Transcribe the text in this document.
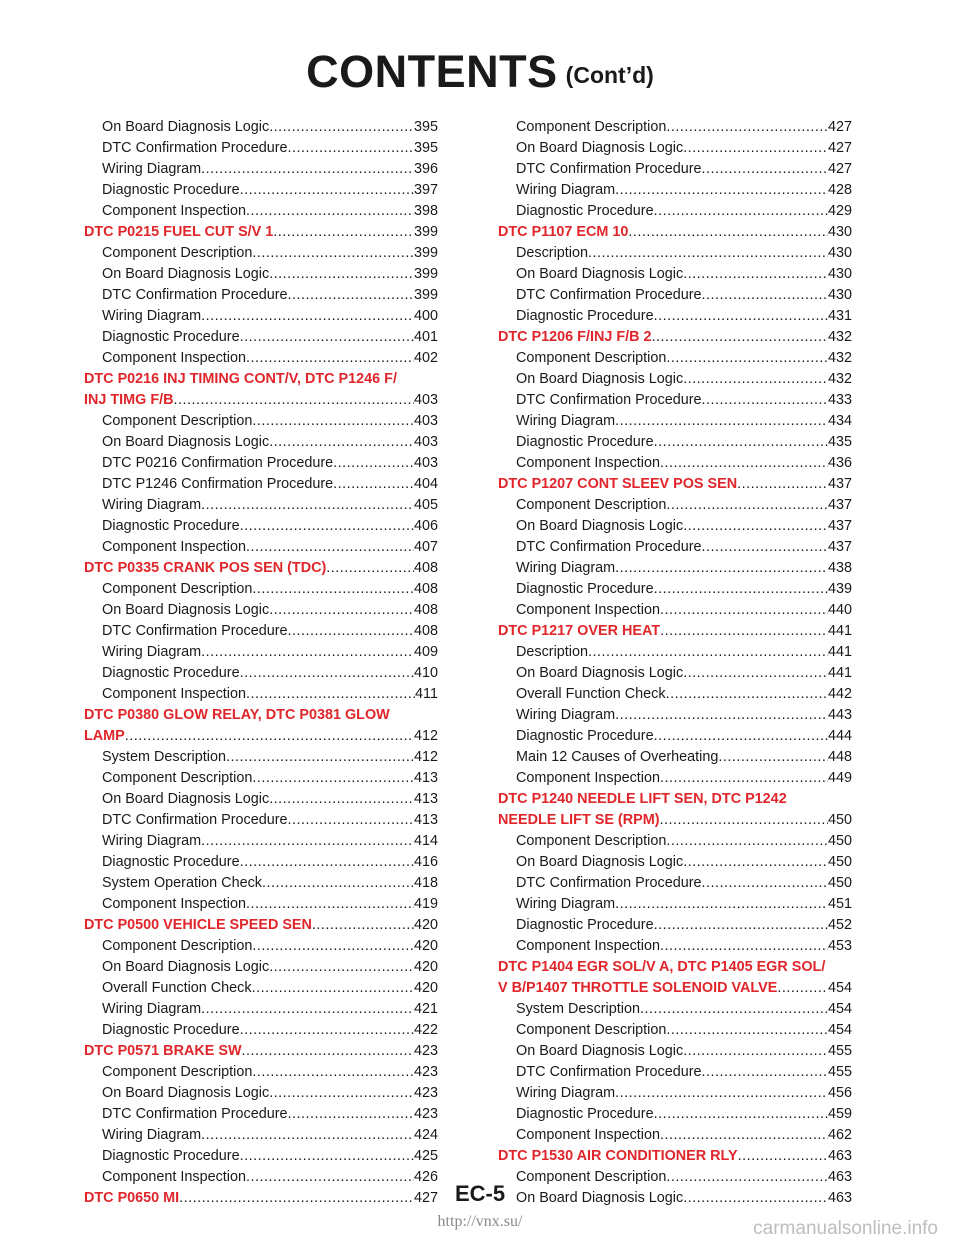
CONTENTS (Cont’d)
On Board Diagnosis Logic .....	395
DTC Confirmation Procedure .....	395
Wiring Diagram .....	396
Diagnostic Procedure .....	397
Component Inspection .....	398
DTC P0215 FUEL CUT S/V 1 .....	399
Component Description .....	399
On Board Diagnosis Logic .....	399
DTC Confirmation Procedure .....	399
Wiring Diagram .....	400
Diagnostic Procedure .....	401
Component Inspection .....	402
DTC P0216 INJ TIMING CONT/V, DTC P1246 F/
INJ TIMG F/B .....	403
Component Description .....	403
On Board Diagnosis Logic .....	403
DTC P0216 Confirmation Procedure .....	403
DTC P1246 Confirmation Procedure .....	404
Wiring Diagram .....	405
Diagnostic Procedure .....	406
Component Inspection .....	407
DTC P0335 CRANK POS SEN (TDC) .....	408
Component Description .....	408
On Board Diagnosis Logic .....	408
DTC Confirmation Procedure .....	408
Wiring Diagram .....	409
Diagnostic Procedure .....	410
Component Inspection .....	411
DTC P0380 GLOW RELAY, DTC P0381 GLOW
LAMP .....	412
System Description .....	412
Component Description .....	413
On Board Diagnosis Logic .....	413
DTC Confirmation Procedure .....	413
Wiring Diagram .....	414
Diagnostic Procedure .....	416
System Operation Check .....	418
Component Inspection .....	419
DTC P0500 VEHICLE SPEED SEN .....	420
Component Description .....	420
On Board Diagnosis Logic .....	420
Overall Function Check .....	420
Wiring Diagram .....	421
Diagnostic Procedure .....	422
DTC P0571 BRAKE SW .....	423
Component Description .....	423
On Board Diagnosis Logic .....	423
DTC Confirmation Procedure .....	423
Wiring Diagram .....	424
Diagnostic Procedure .....	425
Component Inspection .....	426
DTC P0650 MI .....	427
Component Description .....	427
On Board Diagnosis Logic .....	427
DTC Confirmation Procedure .....	427
Wiring Diagram .....	428
Diagnostic Procedure .....	429
DTC P1107 ECM 10 .....	430
Description .....	430
On Board Diagnosis Logic .....	430
DTC Confirmation Procedure .....	430
Diagnostic Procedure .....	431
DTC P1206 F/INJ F/B 2 .....	432
Component Description .....	432
On Board Diagnosis Logic .....	432
DTC Confirmation Procedure .....	433
Wiring Diagram .....	434
Diagnostic Procedure .....	435
Component Inspection .....	436
DTC P1207 CONT SLEEV POS SEN .....	437
Component Description .....	437
On Board Diagnosis Logic .....	437
DTC Confirmation Procedure .....	437
Wiring Diagram .....	438
Diagnostic Procedure .....	439
Component Inspection .....	440
DTC P1217 OVER HEAT .....	441
Description .....	441
On Board Diagnosis Logic .....	441
Overall Function Check .....	442
Wiring Diagram .....	443
Diagnostic Procedure .....	444
Main 12 Causes of Overheating .....	448
Component Inspection .....	449
DTC P1240 NEEDLE LIFT SEN, DTC P1242
NEEDLE LIFT SE (RPM) .....	450
Component Description .....	450
On Board Diagnosis Logic .....	450
DTC Confirmation Procedure .....	450
Wiring Diagram .....	451
Diagnostic Procedure .....	452
Component Inspection .....	453
DTC P1404 EGR SOL/V A, DTC P1405 EGR SOL/
V B/P1407 THROTTLE SOLENOID VALVE .....	454
System Description .....	454
Component Description .....	454
On Board Diagnosis Logic .....	455
DTC Confirmation Procedure .....	455
Wiring Diagram .....	456
Diagnostic Procedure .....	459
Component Inspection .....	462
DTC P1530 AIR CONDITIONER RLY .....	463
Component Description .....	463
On Board Diagnosis Logic .....	463
EC-5
http://vnx.su/	carmanualsonline.info
